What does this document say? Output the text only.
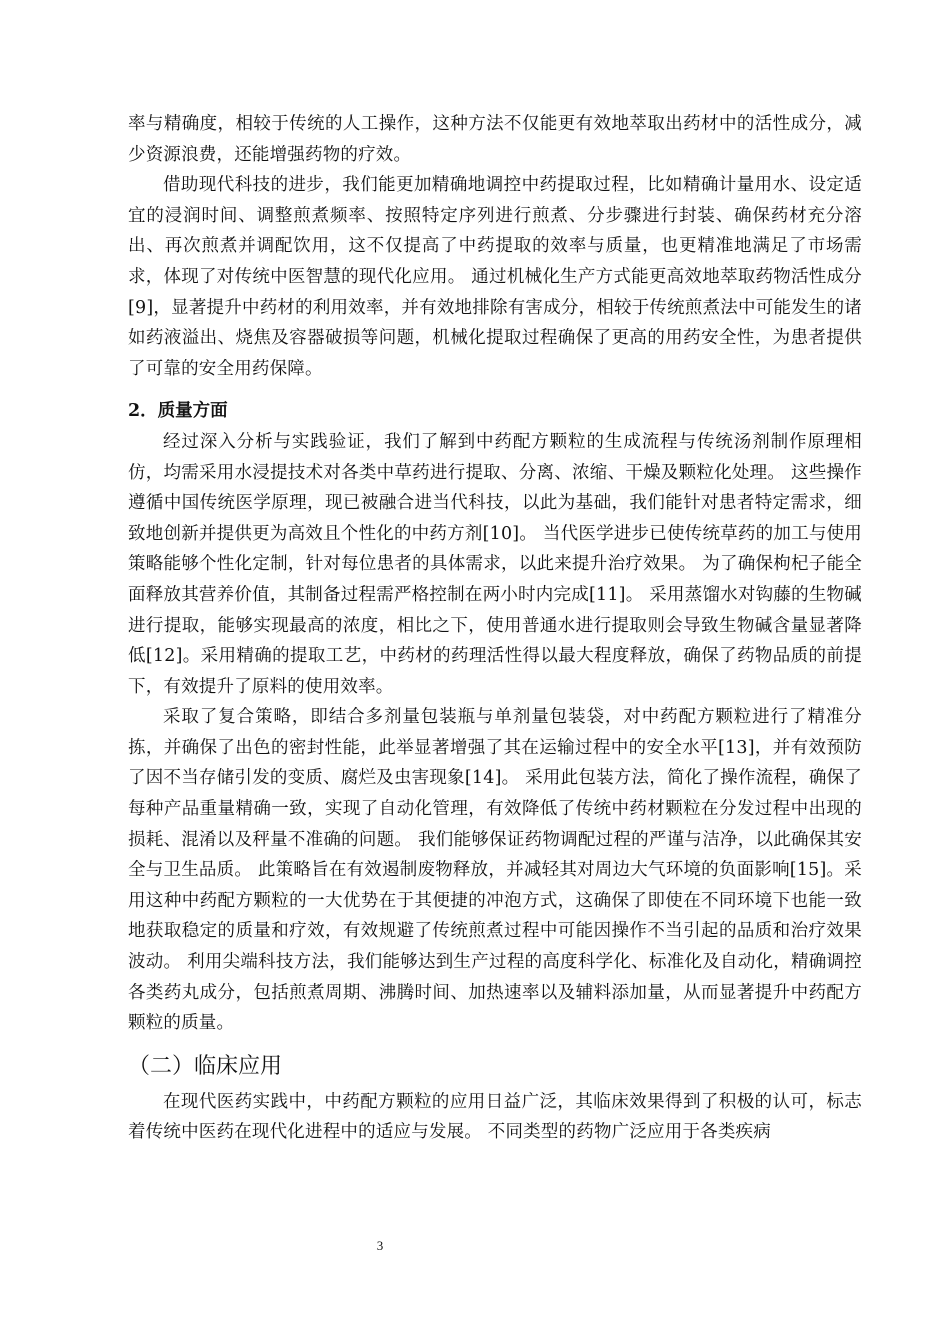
率与精确度，相较于传统的人工操作，这种方法不仅能更有效地萃取出药材中的活性成分，减少资源浪费，还能增强药物的疗效。

借助现代科技的进步，我们能更加精确地调控中药提取过程，比如精确计量用水、设定适宜的浸润时间、调整煎煮频率、按照特定序列进行煎煮、分步骤进行封装、确保药材充分溶出、再次煎煮并调配饮用，这不仅提高了中药提取的效率与质量，也更精准地满足了市场需求，体现了对传统中医智慧的现代化应用。 通过机械化生产方式能更高效地萃取药物活性成分[9]，显著提升中药材的利用效率，并有效地排除有害成分，相较于传统煎煮法中可能发生的诸如药液溢出、烧焦及容器破损等问题，机械化提取过程确保了更高的用药安全性，为患者提供了可靠的安全用药保障。

2．质量方面

经过深入分析与实践验证，我们了解到中药配方颗粒的生成流程与传统汤剂制作原理相仿，均需采用水浸提技术对各类中草药进行提取、分离、浓缩、干燥及颗粒化处理。 这些操作遵循中国传统医学原理，现已被融合进当代科技，以此为基础，我们能针对患者特定需求，细致地创新并提供更为高效且个性化的中药方剂[10]。 当代医学进步已使传统草药的加工与使用策略能够个性化定制，针对每位患者的具体需求，以此来提升治疗效果。 为了确保枸杞子能全面释放其营养价值，其制备过程需严格控制在两小时内完成[11]。 采用蒸馏水对钩藤的生物碱进行提取，能够实现最高的浓度，相比之下，使用普通水进行提取则会导致生物碱含量显著降低[12]。采用精确的提取工艺，中药材的药理活性得以最大程度释放，确保了药物品质的前提下，有效提升了原料的使用效率。

采取了复合策略，即结合多剂量包装瓶与单剂量包装袋，对中药配方颗粒进行了精准分拣，并确保了出色的密封性能，此举显著增强了其在运输过程中的安全水平[13]，并有效预防了因不当存储引发的变质、腐烂及虫害现象[14]。 采用此包装方法，简化了操作流程，确保了每种产品重量精确一致，实现了自动化管理，有效降低了传统中药材颗粒在分发过程中出现的损耗、混淆以及秤量不准确的问题。 我们能够保证药物调配过程的严谨与洁净，以此确保其安全与卫生品质。 此策略旨在有效遏制废物释放，并减轻其对周边大气环境的负面影响[15]。采用这种中药配方颗粒的一大优势在于其便捷的冲泡方式，这确保了即使在不同环境下也能一致地获取稳定的质量和疗效，有效规避了传统煎煮过程中可能因操作不当引起的品质和治疗效果波动。 利用尖端科技方法，我们能够达到生产过程的高度科学化、标准化及自动化，精确调控各类药丸成分，包括煎煮周期、沸腾时间、加热速率以及辅料添加量，从而显著提升中药配方颗粒的质量。

（二）临床应用

在现代医药实践中，中药配方颗粒的应用日益广泛，其临床效果得到了积极的认可，标志着传统中医药在现代化进程中的适应与发展。 不同类型的药物广泛应用于各类疾病

3
